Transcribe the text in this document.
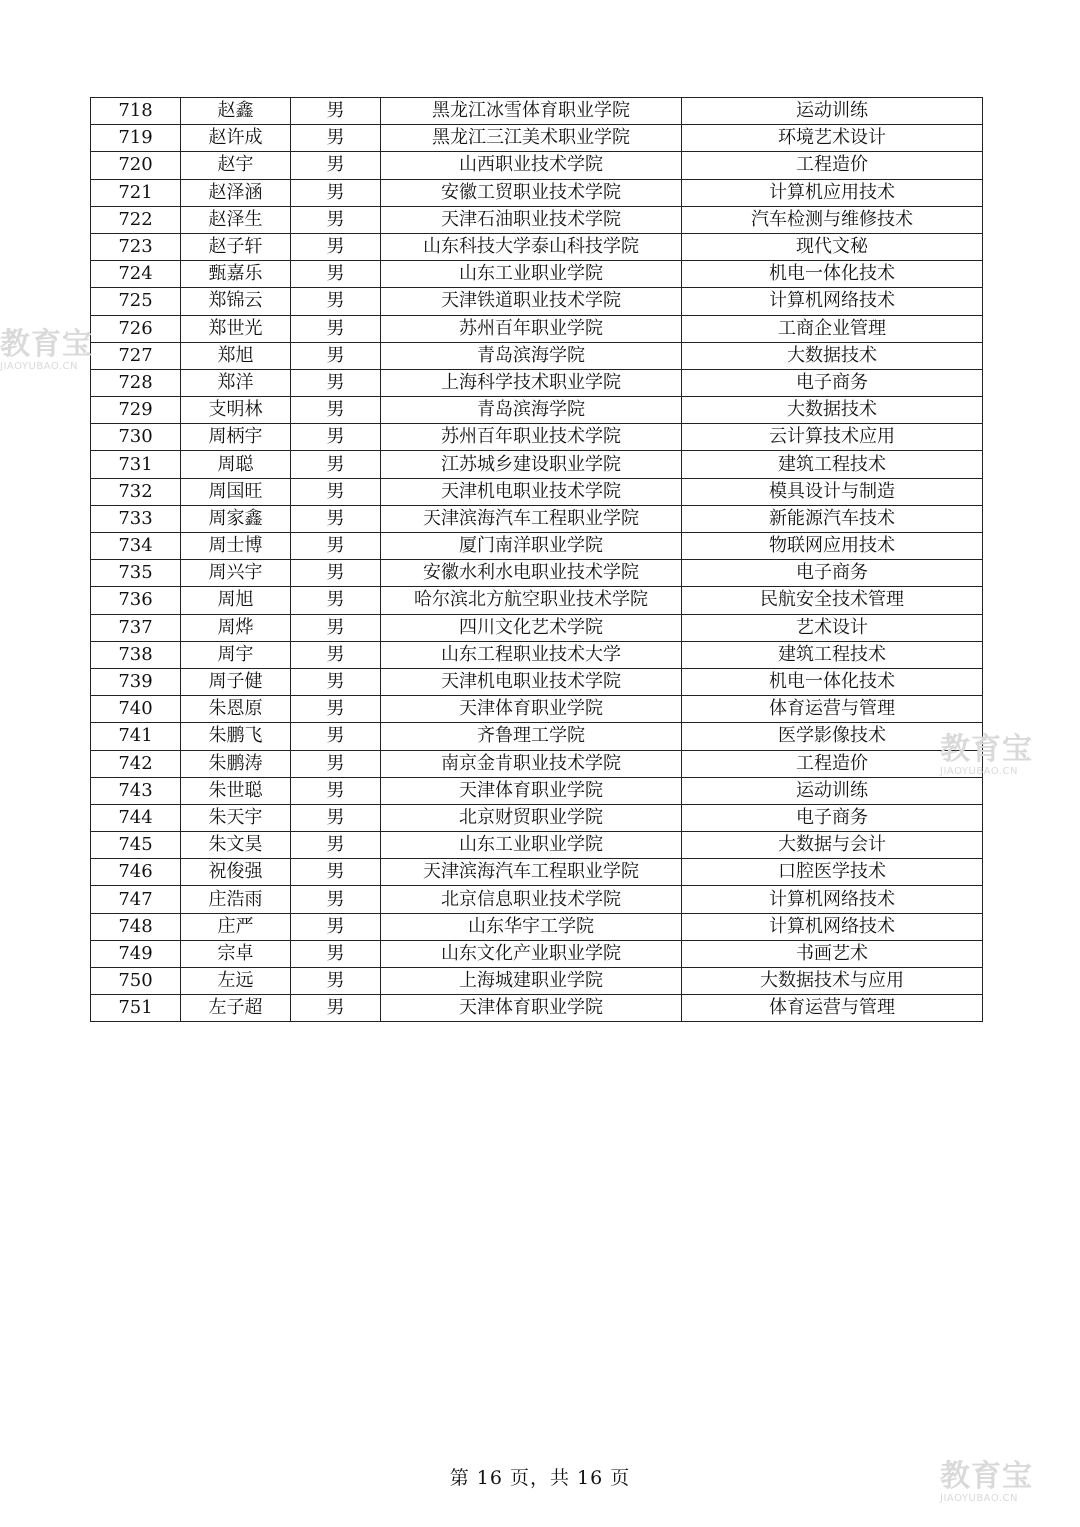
718	赵鑫	男	黑龙江冰雪体育职业学院	运动训练
719	赵许成	男	黑龙江三江美术职业学院	环境艺术设计
720	赵宇	男	山西职业技术学院	工程造价
721	赵泽涵	男	安徽工贸职业技术学院	计算机应用技术
722	赵泽生	男	天津石油职业技术学院	汽车检测与维修技术
723	赵子轩	男	山东科技大学泰山科技学院	现代文秘
724	甄嘉乐	男	山东工业职业学院	机电一体化技术
725	郑锦云	男	天津铁道职业技术学院	计算机网络技术
726	郑世光	男	苏州百年职业学院	工商企业管理
727	郑旭	男	青岛滨海学院	大数据技术
728	郑洋	男	上海科学技术职业学院	电子商务
729	支明林	男	青岛滨海学院	大数据技术
730	周柄宇	男	苏州百年职业技术学院	云计算技术应用
731	周聪	男	江苏城乡建设职业学院	建筑工程技术
732	周国旺	男	天津机电职业技术学院	模具设计与制造
733	周家鑫	男	天津滨海汽车工程职业学院	新能源汽车技术
734	周士博	男	厦门南洋职业学院	物联网应用技术
735	周兴宇	男	安徽水利水电职业技术学院	电子商务
736	周旭	男	哈尔滨北方航空职业技术学院	民航安全技术管理
737	周烨	男	四川文化艺术学院	艺术设计
738	周宇	男	山东工程职业技术大学	建筑工程技术
739	周子健	男	天津机电职业技术学院	机电一体化技术
740	朱恩原	男	天津体育职业学院	体育运营与管理
741	朱鹏飞	男	齐鲁理工学院	医学影像技术
742	朱鹏涛	男	南京金肯职业技术学院	工程造价
743	朱世聪	男	天津体育职业学院	运动训练
744	朱天宇	男	北京财贸职业学院	电子商务
745	朱文昊	男	山东工业职业学院	大数据与会计
746	祝俊强	男	天津滨海汽车工程职业学院	口腔医学技术
747	庄浩雨	男	北京信息职业技术学院	计算机网络技术
748	庄严	男	山东华宇工学院	计算机网络技术
749	宗卓	男	山东文化产业职业学院	书画艺术
750	左远	男	上海城建职业学院	大数据技术与应用
751	左子超	男	天津体育职业学院	体育运营与管理
教育宝
JIAOYUBAO.CN
教育宝
JIAOYUBAO.CN
教育宝
JIAOYUBAO.CN
第 16 页，共 16 页
